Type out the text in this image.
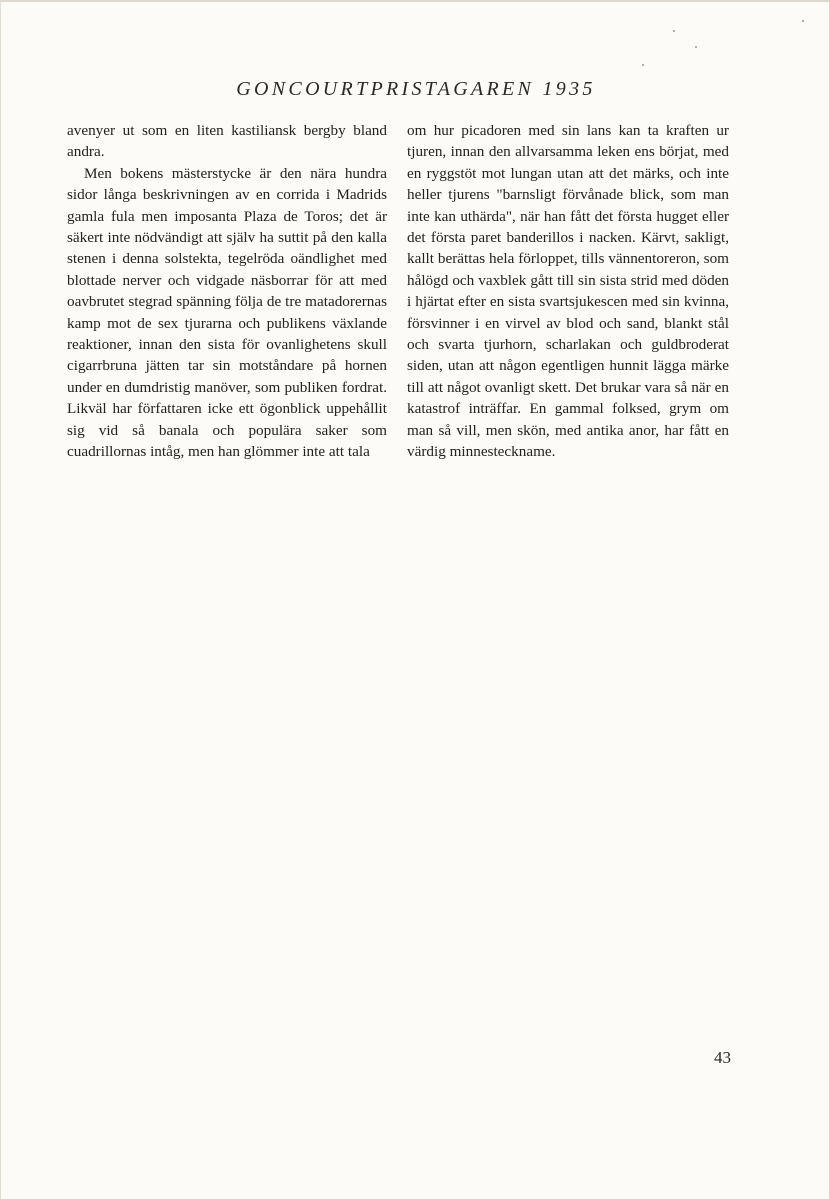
GONCOURTPRISTAGAREN 1935

avenyer ut som en liten kastiliansk bergby bland andra.

Men bokens mästerstycke är den nära hundra sidor långa beskrivningen av en corrida i Madrids gamla fula men imposanta Plaza de Toros; det är säkert inte nödvändigt att själv ha suttit på den kalla stenen i denna solstekta, tegelröda oändlighet med blottade nerver och vidgade näsborrar för att med oavbrutet stegrad spänning följa de tre matadorernas kamp mot de sex tjurarna och publikens växlande reaktioner, innan den sista för ovanlighetens skull cigarrbruna jätten tar sin motståndare på hornen under en dumdristig manöver, som publiken fordrat. Likväl har författaren icke ett ögonblick uppehållit sig vid så banala och populära saker som cuadrillornas intåg, men han glömmer inte att tala

om hur picadoren med sin lans kan ta kraften ur tjuren, innan den allvarsamma leken ens börjat, med en ryggstöt mot lungan utan att det märks, och inte heller tjurens "barnsligt förvånade blick, som man inte kan uthärda", när han fått det första hugget eller det första paret banderillos i nacken. Kärvt, sakligt, kallt berättas hela förloppet, tills vännentoreron, som hålögd och vaxblek gått till sin sista strid med döden i hjärtat efter en sista svartsjukescen med sin kvinna, försvinner i en virvel av blod och sand, blankt stål och svarta tjurhorn, scharlakan och guldbroderat siden, utan att någon egentligen hunnit lägga märke till att något ovanligt skett. Det brukar vara så när en katastrof inträffar. En gammal folksed, grym om man så vill, men skön, med antika anor, har fått en värdig minnesteckname.

43
